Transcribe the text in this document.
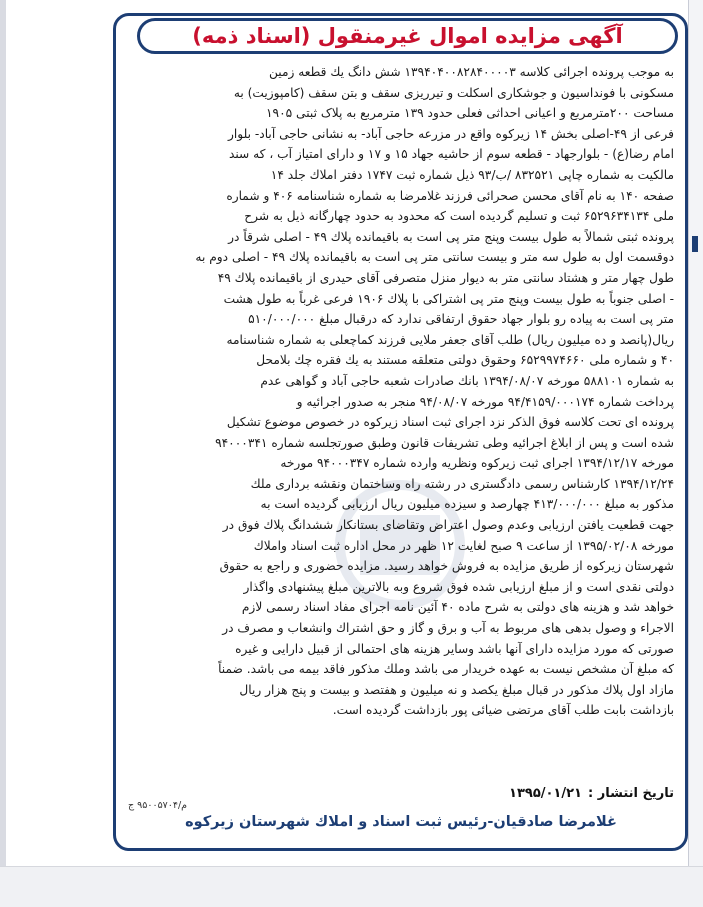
آگهی مزایده اموال غیرمنقول (اسناد ذمه)
به موجب پرونده اجرائی کلاسه ۱۳۹۴۰۴۰۰۸۲۸۴۰۰۰۰۳ شش دانگ یك قطعه زمین
مسکونی با فونداسیون و جوشکاری اسکلت و تیرریزی سقف و بتن سقف (کامپوزیت) به
مساحت ۲۰۰مترمربع و اعیانی احداثی فعلی حدود ۱۳۹ مترمربع به پلاک ثبتی ۱۹۰۵
فرعی از ۴۹-اصلی بخش ۱۴ زیرکوه واقع در مزرعه حاجی آباد- به نشانی حاجی آباد- بلوار
امام رضا(ع) - بلوارجهاد - قطعه سوم از حاشیه جهاد ۱۵ و ۱۷ و دارای امتیاز آب ، که سند
مالکیت به شماره چاپی ۸۳۲۵۲۱ /ب/۹۳ ذیل شماره ثبت ۱۷۴۷ دفتر املاك جلد ۱۴
صفحه ۱۴۰ به نام آقای محسن صحرائی فرزند غلامرضا به شماره شناسنامه ۴۰۶ و شماره
ملی ۶۵۲۹۶۳۴۱۳۴ ثبت و تسلیم گردیده است که محدود به حدود چهارگانه ذیل به شرح
پرونده ثبتی شمالاً به طول بیست وپنج متر پی است به باقیمانده پلاك ۴۹ - اصلی شرقاً در
دوقسمت اول به طول سه متر و بیست سانتی متر پی است به باقیمانده پلاك ۴۹ - اصلی دوم به
طول چهار متر و هشتاد سانتی متر به دیوار منزل متصرفی آقای حیدری از باقیمانده پلاك ۴۹
- اصلی جنوباً به طول بیست وپنج متر پی اشتراکی با پلاك ۱۹۰۶ فرعی غرباً به طول هشت
متر پی است به پیاده رو بلوار جهاد حقوق ارتفاقی ندارد که درقبال مبلغ ۵۱۰/۰۰۰/۰۰۰
ریال(پانصد و ده میلیون ریال) طلب آقای جعفر ملایی فرزند کماچعلی به شماره شناسنامه
۴۰ و شماره ملی ۶۵۲۹۹۷۴۶۶۰ وحقوق دولتی متعلقه مستند به یك فقره چك بلامحل
به شماره ۵۸۸۱۰۱ مورخه ۱۳۹۴/۰۸/۰۷ بانك صادرات شعبه حاجی آباد و گواهی عدم
پرداخت شماره ۹۴/۴۱۵۹/۰۰۰۱۷۴ مورخه ۹۴/۰۸/۰۷ منجر به صدور اجرائیه و
پرونده ای تحت کلاسه فوق الذکر نزد اجرای ثبت اسناد زیرکوه در خصوص موضوع تشکیل
شده است و پس از ابلاغ اجرائیه وطی تشریفات قانون وطبق صورتجلسه شماره ۹۴۰۰۰۳۴۱
مورخه ۱۳۹۴/۱۲/۱۷ اجرای ثبت زیرکوه ونظریه وارده شماره ۹۴۰۰۰۳۴۷ مورخه
۱۳۹۴/۱۲/۲۴ کارشناس رسمی دادگستری در رشته راه وساختمان ونقشه برداری ملك
مذکور به مبلغ ۴۱۳/۰۰۰/۰۰۰ چهارصد و سیزده میلیون ریال ارزیابی گردیده است به
جهت قطعیت یافتن ارزیابی وعدم وصول اعتراض وتقاضای بستانکار ششدانگ پلاك فوق در
مورخه ۱۳۹۵/۰۲/۰۸ از ساعت ۹ صبح لغایت ۱۲ ظهر در محل اداره ثبت اسناد واملاك
شهرستان زیرکوه از طریق مزایده به فروش خواهد رسید. مزایده حضوری و راجع به حقوق
دولتی نقدی است و از مبلغ ارزیابی شده فوق شروع وبه بالاترین مبلغ پیشنهادی واگذار
خواهد شد و هزینه های دولتی به شرح ماده ۴۰ آئین نامه اجرای مفاد اسناد رسمی لازم
الاجراء و وصول بدهی های مربوط به آب و برق و گاز و حق اشتراك وانشعاب و مصرف در
صورتی که مورد مزایده دارای آنها باشد وسایر هزینه های احتمالی از قبیل دارایی و غیره
که مبلغ آن مشخص نیست به عهده خریدار می باشد وملك مذکور فاقد بیمه می باشد. ضمناً
مازاد اول پلاك مذکور در قبال مبلغ یکصد و نه میلیون و هفتصد و بیست و پنج هزار ریال
بازداشت بابت طلب آقای مرتضی ضیائی پور بازداشت گردیده است.
تاریخ انتشار :
۱۳۹۵/۰۱/۲۱
م/۹۵۰۰۵۷۰۴ ج
غلامرضا صادقیان-رئیس ثبت اسناد و املاك شهرستان زیرکوه
